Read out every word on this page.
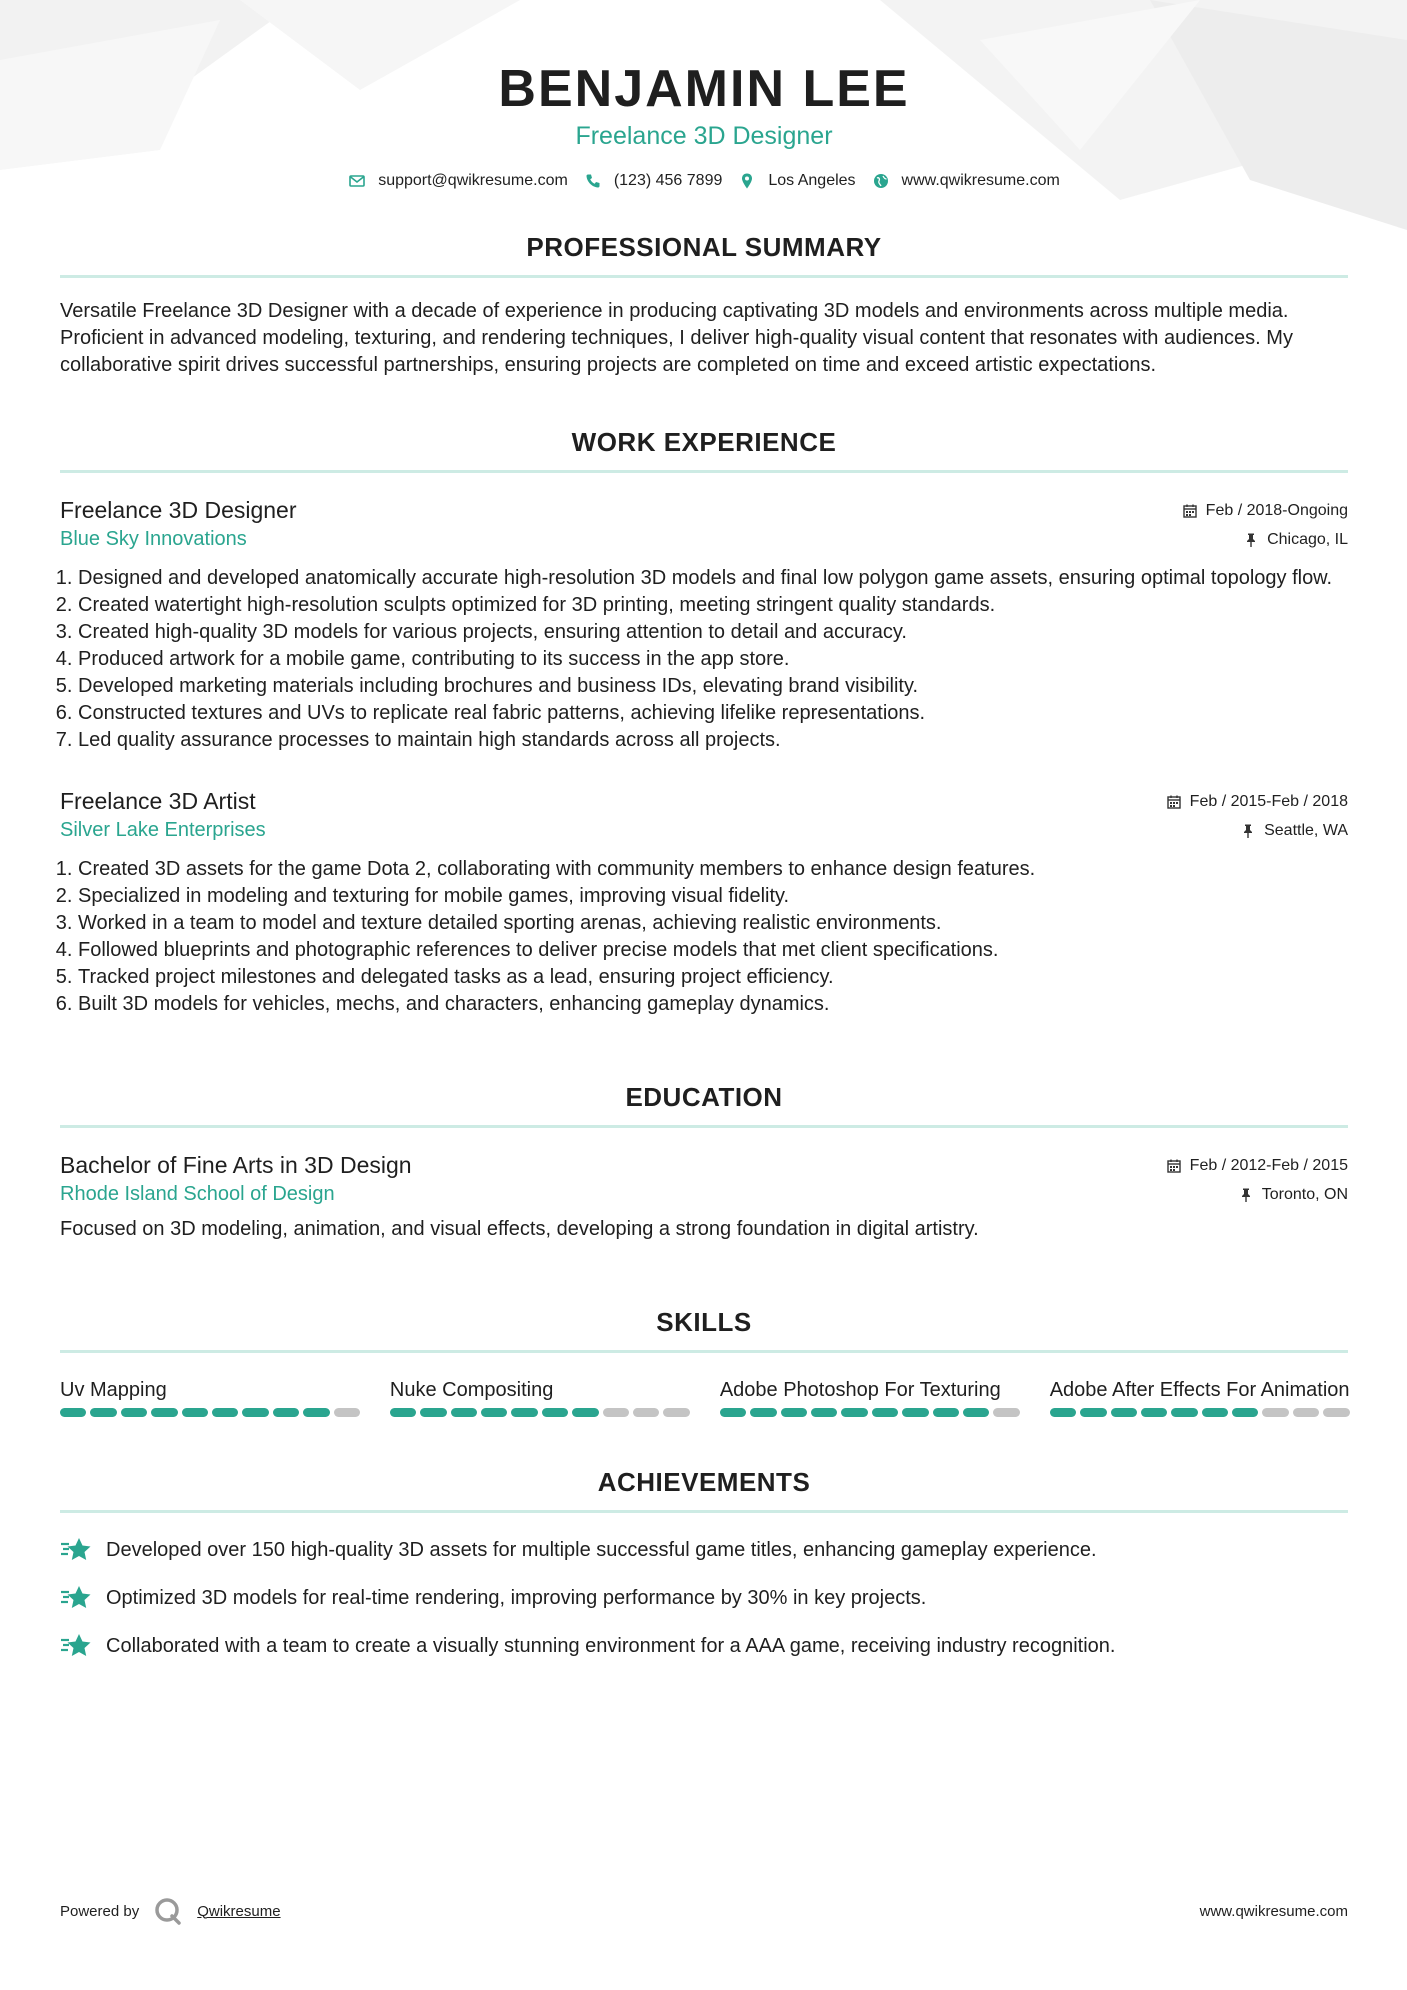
BENJAMIN LEE
Freelance 3D Designer
support@qwikresume.com	(123) 456 7899	Los Angeles	www.qwikresume.com
PROFESSIONAL SUMMARY
Versatile Freelance 3D Designer with a decade of experience in producing captivating 3D models and environments across multiple media. Proficient in advanced modeling, texturing, and rendering techniques, I deliver high-quality visual content that resonates with audiences. My collaborative spirit drives successful partnerships, ensuring projects are completed on time and exceed artistic expectations.
WORK EXPERIENCE
Freelance 3D Designer	Feb / 2018-Ongoing
Blue Sky Innovations	Chicago, IL
1. Designed and developed anatomically accurate high-resolution 3D models and final low polygon game assets, ensuring optimal topology flow.
2. Created watertight high-resolution sculpts optimized for 3D printing, meeting stringent quality standards.
3. Created high-quality 3D models for various projects, ensuring attention to detail and accuracy.
4. Produced artwork for a mobile game, contributing to its success in the app store.
5. Developed marketing materials including brochures and business IDs, elevating brand visibility.
6. Constructed textures and UVs to replicate real fabric patterns, achieving lifelike representations.
7. Led quality assurance processes to maintain high standards across all projects.
Freelance 3D Artist	Feb / 2015-Feb / 2018
Silver Lake Enterprises	Seattle, WA
1. Created 3D assets for the game Dota 2, collaborating with community members to enhance design features.
2. Specialized in modeling and texturing for mobile games, improving visual fidelity.
3. Worked in a team to model and texture detailed sporting arenas, achieving realistic environments.
4. Followed blueprints and photographic references to deliver precise models that met client specifications.
5. Tracked project milestones and delegated tasks as a lead, ensuring project efficiency.
6. Built 3D models for vehicles, mechs, and characters, enhancing gameplay dynamics.
EDUCATION
Bachelor of Fine Arts in 3D Design	Feb / 2012-Feb / 2015
Rhode Island School of Design	Toronto, ON
Focused on 3D modeling, animation, and visual effects, developing a strong foundation in digital artistry.
SKILLS
Uv Mapping	Nuke Compositing	Adobe Photoshop For Texturing	Adobe After Effects For Animation
ACHIEVEMENTS
Developed over 150 high-quality 3D assets for multiple successful game titles, enhancing gameplay experience.
Optimized 3D models for real-time rendering, improving performance by 30% in key projects.
Collaborated with a team to create a visually stunning environment for a AAA game, receiving industry recognition.
Powered by	Qwikresume	www.qwikresume.com
